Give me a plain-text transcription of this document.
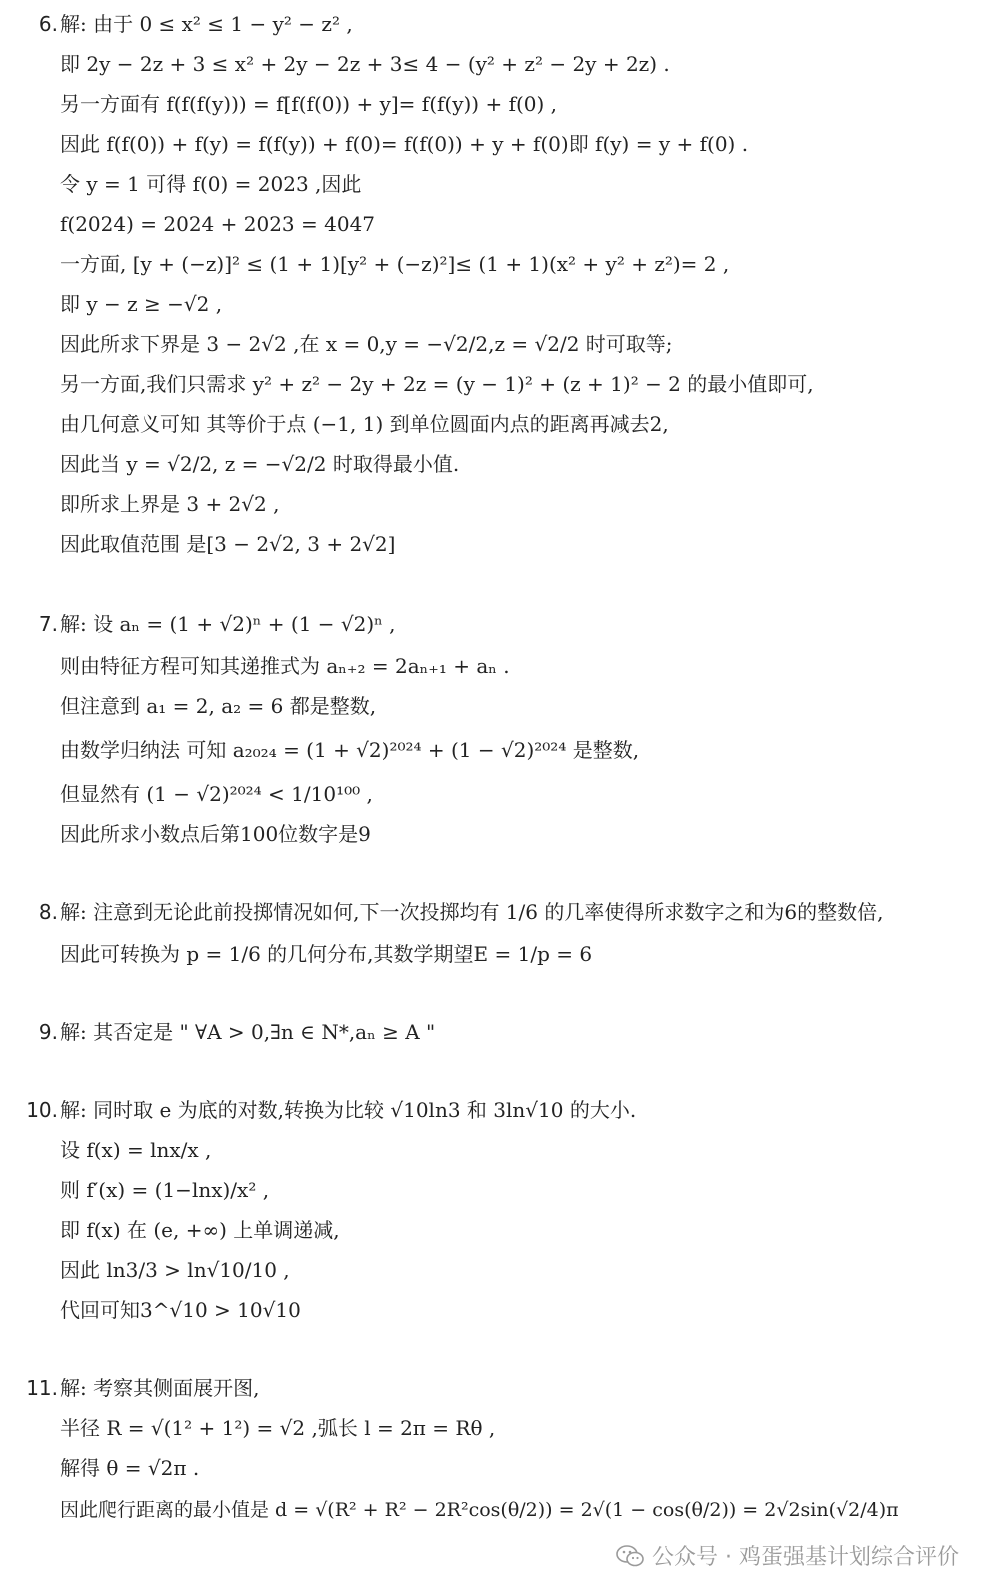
6. 解: 由于 0 ≤ x² ≤ 1 − y² − z² ,
即 2y − 2z + 3 ≤ x² + 2y − 2z + 3≤ 4 − (y² + z² − 2y + 2z) .
另一方面有 f(f(f(y))) = f[f(f(0)) + y]= f(f(y)) + f(0) ,
因此 f(f(0)) + f(y) = f(f(y)) + f(0)= f(f(0)) + y + f(0)即 f(y) = y + f(0) .
令 y = 1 可得 f(0) = 2023 ,因此
f(2024) = 2024 + 2023 = 4047
一方面, [y + (−z)]² ≤ (1 + 1)[y² + (−z)²]≤ (1 + 1)(x² + y² + z²)= 2 ,
即 y − z ≥ −√2 ,
因此所求下界是 3 − 2√2 ,在 x = 0,y = −√2/2,z = √2/2 时可取等;
另一方面,我们只需求 y² + z² − 2y + 2z = (y − 1)² + (z + 1)² − 2 的最小值即可,
由几何意义可知 其等价于点 (−1, 1) 到单位圆面内点的距离再减去2,
因此当 y = √2/2, z = −√2/2 时取得最小值.
即所求上界是 3 + 2√2 ,
因此取值范围 是[3 − 2√2, 3 + 2√2]
7. 解: 设 aₙ = (1 + √2)ⁿ + (1 − √2)ⁿ ,
则由特征方程可知其递推式为 aₙ₊₂ = 2aₙ₊₁ + aₙ .
但注意到 a₁ = 2, a₂ = 6 都是整数,
由数学归纳法 可知 a₂₀₂₄ = (1 + √2)²⁰²⁴ + (1 − √2)²⁰²⁴ 是整数,
但显然有 (1 − √2)²⁰²⁴ < 1/10¹⁰⁰ ,
因此所求小数点后第100位数字是9
8. 解: 注意到无论此前投掷情况如何,下一次投掷均有 1/6 的几率使得所求数字之和为6的整数倍,
因此可转换为 p = 1/6 的几何分布,其数学期望E = 1/p = 6
9. 解: 其否定是 " ∀A > 0,∃n ∈ N*,aₙ ≥ A "
10. 解: 同时取 e 为底的对数,转换为比较 √10ln3 和 3ln√10 的大小.
设 f(x) = lnx/x ,
则 f′(x) = (1−lnx)/x² ,
即 f(x) 在 (e, +∞) 上单调递减,
因此 ln3/3 > ln√10/10 ,
代回可知3^√10 > 10√10
11. 解: 考察其侧面展开图,
半径 R = √(1² + 1²) = √2 ,弧长 l = 2π = Rθ ,
解得 θ = √2π .
因此爬行距离的最小值是 d = √(R² + R² − 2R²cos(θ/2)) = 2√(1 − cos(θ/2)) = 2√2sin(√2/4)π
公众号 · 鸡蛋强基计划综合评价
